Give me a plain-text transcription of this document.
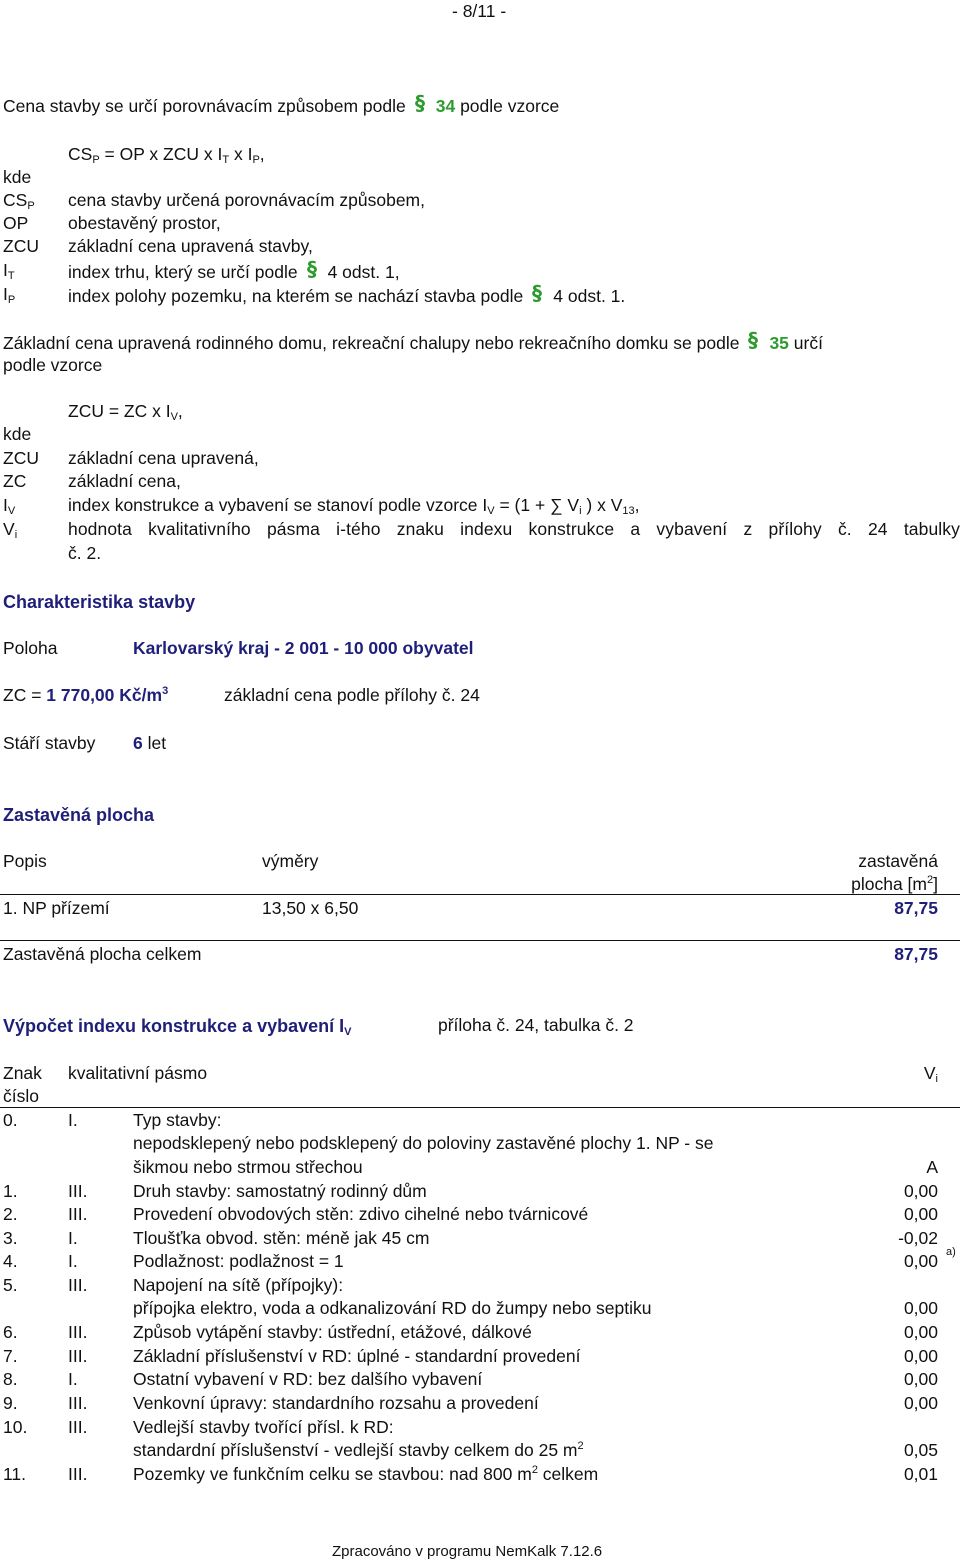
- 8/11 -
Cena stavby se určí porovnávacím způsobem podle § 34 podle vzorce
$CS_P$ = OP x ZCU x $I_T$ x $I_P$,
kde
$CS_P$ cena stavby určená porovnávacím způsobem,
OP obestavěný prostor,
ZCU základní cena upravená stavby,
$I_T$	index trhu, který se určí podle § 4 odst. 1,
$I_P$	index polohy pozemku, na kterém se nachází stavba podle § 4 odst. 1.
Základní cena upravená rodinného domu, rekreační chalupy nebo rekreačního domku se podle § 35 určí
podle vzorce
ZCU = ZC x $I_V$,
kde
ZCU základní cena upravená,
ZC základní cena,
$I_V$	index konstrukce a vybavení se stanoví podle vzorce $I_V = (1$ + ∑ $V_i$ ) x $V_{13}$,
$V_i$	hodnota kvalitativního pásma i-tého znaku indexu konstrukce a vybavení z přílohy č. 24 tabulky
č. 2.
Charakteristika stavby
Poloha	Karlovarský kraj - 2 001 - 10 000 obyvatel
ZC = 1 770,00 $Kč/m^3$	základní cena podle přílohy č. 24
Stáří stavby 6 let
Zastavěná plocha
Popis	výměry	zastavěná
plocha $[m^2]$
1. NP přízemí	13,50 x 6,50	87,75
Zastavěná plocha celkem	87,75
Výpočet indexu konstrukce a vybavení $I_V$	příloha č. 24, tabulka č. 2
Znak
číslo
kvalitativní pásmo	$V_i$
0.	I.	Typ stavby:
nepodsklepený nebo podsklepený do poloviny zastavěné plochy 1. NP - se
šikmou nebo strmou střechou	A
1.	III.	Druh stavby: samostatný rodinný dům	0,00
2.	III.	Provedení obvodových stěn: zdivo cihelné nebo tvárnicové	0,00
3.	I.	Tloušťka obvod. stěn: méně jak 45 cm	-0,02
4.	I.	Podlažnost: podlažnost = 1	0,00 a)
5.	III.	Napojení na sítě (přípojky):
přípojka elektro, voda a odkanalizování RD do žumpy nebo septiku	0,00
6.	III.	Způsob vytápění stavby: ústřední, etážové, dálkové	0,00
7.	III.	Základní příslušenství v RD: úplné - standardní provedení	0,00
8.	I.	Ostatní vybavení v RD: bez dalšího vybavení	0,00
9.	III.	Venkovní úpravy: standardního rozsahu a provedení	0,00
10. III.	Vedlejší stavby tvořící přísl. k RD:
standardní příslušenství - vedlejší stavby celkem do 25 $m^2$	0,05
11. III.	Pozemky ve funkčním celku se stavbou: nad 800 $m^2$ celkem	0,01
Zpracováno v programu NemKalk 7.12.6
